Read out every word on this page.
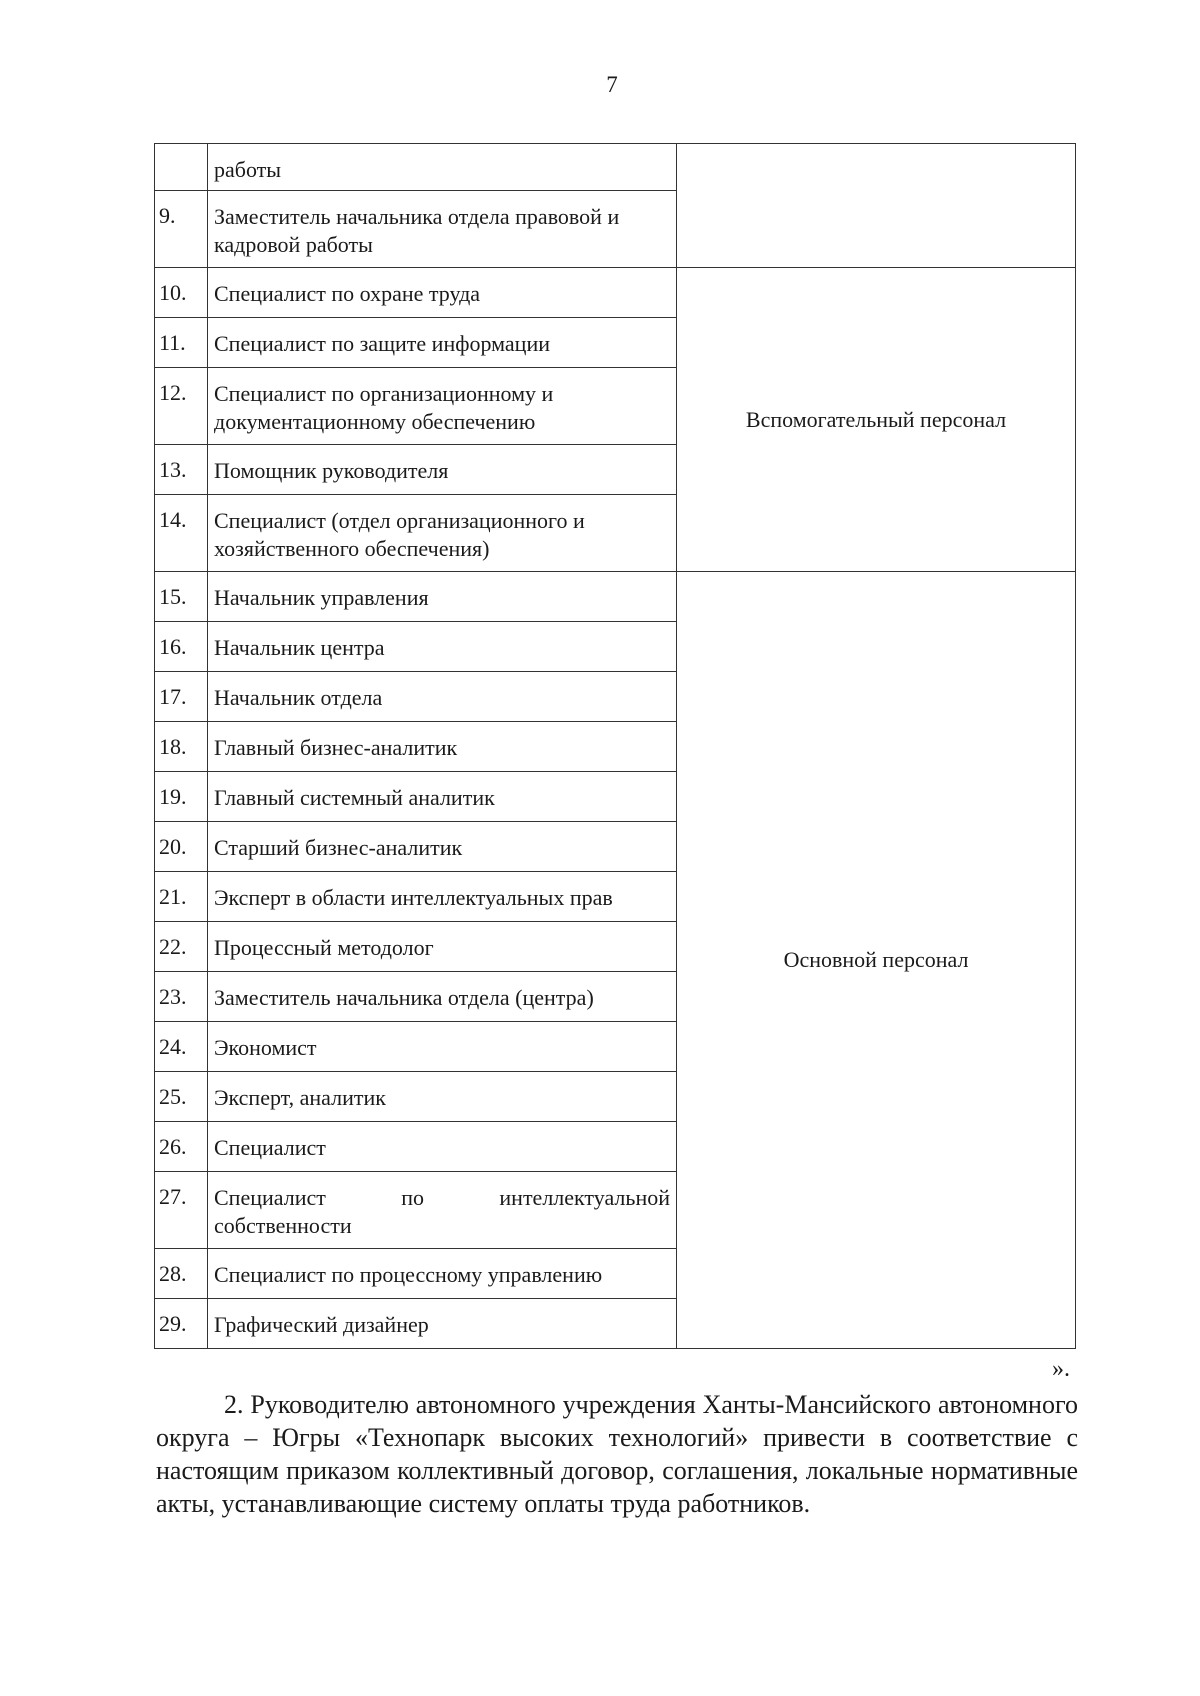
7
	работы	
9.	Заместитель начальника отдела правовой и кадровой работы	
10.	Специалист по охране труда	Вспомогательный персонал
11.	Специалист по защите информации	
12.	Специалист по организационному и документационному обеспечению	
13.	Помощник руководителя	
14.	Специалист (отдел организационного и хозяйственного обеспечения)	
15.	Начальник управления	Основной персонал
16.	Начальник центра	
17.	Начальник отдела	
18.	Главный бизнес-аналитик	
19.	Главный системный аналитик	
20.	Старший бизнес-аналитик	
21.	Эксперт в области интеллектуальных прав	
22.	Процессный методолог	
23.	Заместитель начальника отдела (центра)	
24.	Экономист	
25.	Эксперт, аналитик	
26.	Специалист	
27.	Специалист по интеллектуальной
собственности	

28.	Специалист по процессному управлению	
29.	Графический дизайнер	
».
2. Руководителю автономного учреждения Ханты-Мансийского автономного округа – Югры «Технопарк высоких технологий» привести в соответствие с настоящим приказом коллективный договор, соглашения, локальные нормативные акты, устанавливающие систему оплаты труда работников.
